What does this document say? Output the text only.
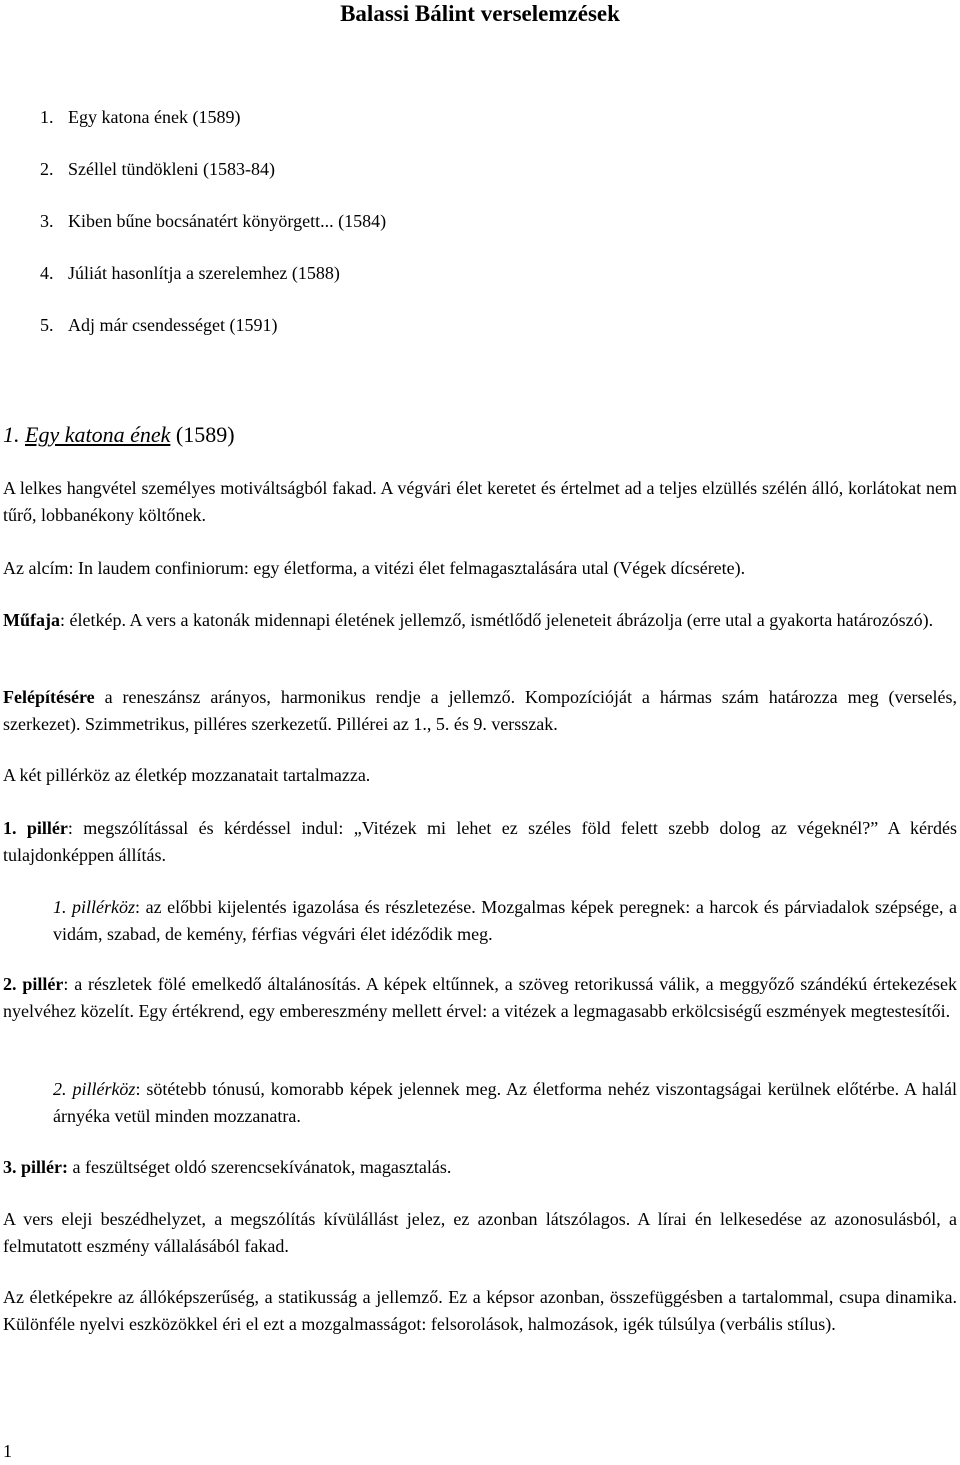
Balassi Bálint verselemzések
1. Egy katona ének (1589)
2. Széllel tündökleni (1583-84)
3. Kiben bűne bocsánatért könyörgett... (1584)
4. Júliát hasonlítja a szerelemhez (1588)
5. Adj már csendességet (1591)
1. Egy katona ének (1589)

A lelkes hangvétel személyes motiváltságból fakad. A végvári élet keretet és értelmet ad a teljes elzüllés szélén álló, korlátokat nem tűrő, lobbanékony költőnek.

Az alcím: In laudem confiniorum: egy életforma, a vitézi élet felmagasztalására utal (Végek dícsérete).

Műfaja: életkép. A vers a katonák midennapi életének jellemző, ismétlődő jeleneteit ábrázolja (erre utal a gyakorta határozószó).

Felépítésére a reneszánsz arányos, harmonikus rendje a jellemző. Kompozícióját a hármas szám határozza meg (verselés, szerkezet). Szimmetrikus, pilléres szerkezetű. Pillérei az 1., 5. és 9. versszak.

A két pillérköz az életkép mozzanatait tartalmazza.

1. pillér: megszólítással és kérdéssel indul: „Vitézek mi lehet ez széles föld felett szebb dolog az végeknél?” A kérdés tulajdonképpen állítás.

1. pillérköz: az előbbi kijelentés igazolása és részletezése. Mozgalmas képek peregnek: a harcok és párviadalok szépsége, a vidám, szabad, de kemény, férfias végvári élet idéződik meg.

2. pillér: a részletek fölé emelkedő általánosítás. A képek eltűnnek, a szöveg retorikussá válik, a meggyőző szándékú értekezések nyelvéhez közelít. Egy értékrend, egy embereszmény mellett érvel: a vitézek a legmagasabb erkölcsiségű eszmények megtestesítői.

2. pillérköz: sötétebb tónusú, komorabb képek jelennek meg. Az életforma nehéz viszontagságai kerülnek előtérbe. A halál árnyéka vetül minden mozzanatra.

3. pillér: a feszültséget oldó szerencsekívánatok, magasztalás.

A vers eleji beszédhelyzet, a megszólítás kívülállást jelez, ez azonban látszólagos. A lírai én lelkesedése az azonosulásból, a felmutatott eszmény vállalásából fakad.

Az életképekre az állóképszerűség, a statikusság a jellemző. Ez a képsor azonban, összefüggésben a tartalommal, csupa dinamika. Különféle nyelvi eszközökkel éri el ezt a mozgalmasságot: felsorolások, halmozások, igék túlsúlya (verbális stílus).

1
